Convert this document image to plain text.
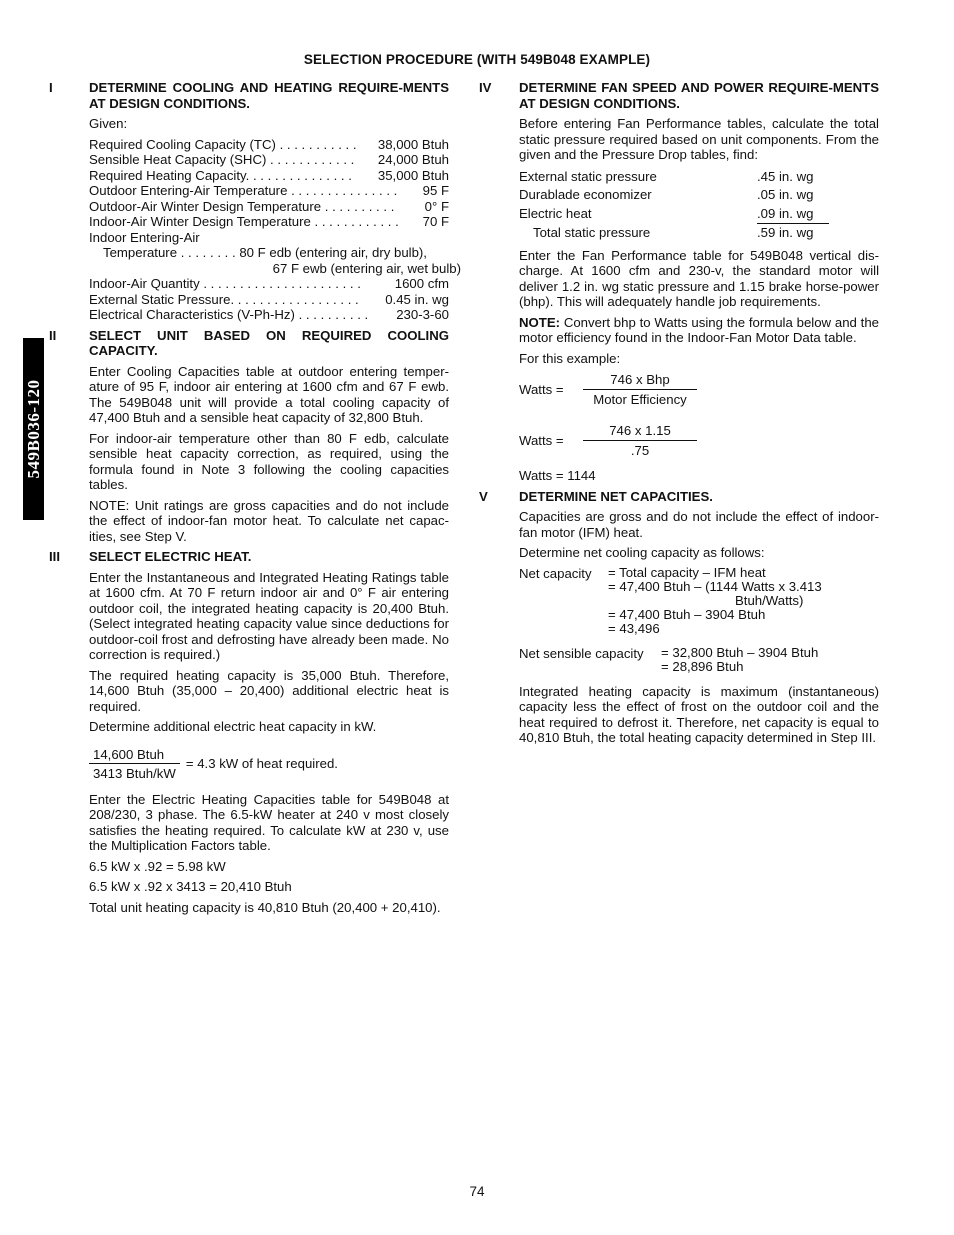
SELECTION PROCEDURE (WITH 549B048 EXAMPLE)
549B036-120
I	DETERMINE COOLING AND HEATING REQUIRE-MENTS AT DESIGN CONDITIONS.
Given:
Required Cooling Capacity (TC) . . . . . . . . . . . 38,000 Btuh
Sensible Heat Capacity (SHC) . . . . . . . . . . . . 24,000 Btuh
Required Heating Capacity. . . . . . . . . . . . . . . 35,000 Btuh
Outdoor Entering-Air Temperature . . . . . . . . . . . . . . . 95 F
Outdoor-Air Winter Design Temperature . . . . . . . . . . 0° F
Indoor-Air Winter Design Temperature . . . . . . . . . . . . 70 F
Indoor Entering-Air
Temperature . . . . . . . . 80 F edb (entering air, dry bulb),
67 F ewb (entering air, wet bulb)
Indoor-Air Quantity . . . . . . . . . . . . . . . . . . . . . .	1600 cfm
External Static Pressure. . . . . . . . . . . . . . . . . . 0.45 in. wg
Electrical Characteristics (V-Ph-Hz) . . . . . . . . . . 230-3-60
II	SELECT UNIT BASED ON REQUIRED COOLING CAPACITY.

Enter Cooling Capacities table at outdoor entering temper-ature of 95 F, indoor air entering at 1600 cfm and 67 F ewb. The 549B048 unit will provide a total cooling capacity of 47,400 Btuh and a sensible heat capacity of 32,800 Btuh.

For indoor-air temperature other than 80 F edb, calculate sensible heat capacity correction, as required, using the formula found in Note 3 following the cooling capacities tables.

NOTE: Unit ratings are gross capacities and do not include the effect of indoor-fan motor heat. To calculate net capac-ities, see Step V.

III	SELECT ELECTRIC HEAT.

Enter the Instantaneous and Integrated Heating Ratings table at 1600 cfm. At 70 F return indoor air and 0° F air entering outdoor coil, the integrated heating capacity is 20,400 Btuh. (Select integrated heating capacity value since deductions for outdoor-coil frost and defrosting have already been made. No correction is required.)

The required heating capacity is 35,000 Btuh. Therefore, 14,600 Btuh (35,000 – 20,400) additional electric heat is required.

Determine additional electric heat capacity in kW.

$\frac{\text{14,600 Btuh}}{\text{3413 Btuh/kW}} = 4.3$ kW of heat required.

Enter the Electric Heating Capacities table for 549B048 at 208/230, 3 phase. The 6.5-kW heater at 240 v most closely satisfies the heating required. To calculate kW at 230 v, use the Multiplication Factors table.

6.5 kW x .92 = 5.98 kW

6.5 kW x .92 x 3413 = 20,410 Btuh

Total unit heating capacity is 40,810 Btuh (20,400 + 20,410).

IV	DETERMINE FAN SPEED AND POWER REQUIRE-MENTS AT DESIGN CONDITIONS.

Before entering Fan Performance tables, calculate the total static pressure required based on unit components. From the given and the Pressure Drop tables, find:

External static pressure	.45 in. wg
Durablade economizer	.05 in. wg
Electric heat	.09 in. wg
Total static pressure	.59 in. wg

Enter the Fan Performance table for 549B048 vertical dis-charge. At 1600 cfm and 230-v, the standard motor will deliver 1.2 in. wg static pressure and 1.15 brake horse-power (bhp). This will adequately handle job requirements.

NOTE: Convert bhp to Watts using the formula below and the motor efficiency found in the Indoor-Fan Motor Data table.

For this example:

Watts =	$\frac{\text{746 x Bhp}}{\text{Motor Efficiency}}$
Watts =	$\frac{746 x 1.15}{.75}$

Watts = 1144

V	DETERMINE NET CAPACITIES.

Capacities are gross and do not include the effect of indoor-fan motor (IFM) heat.

Determine net cooling capacity as follows:

Net capacity	= Total capacity – IFM heat
= 47,400 Btuh – (1144 Watts x 3.413
Btuh/Watts)
= 47,400 Btuh – 3904 Btuh
= 43,496
Net sensible capacity	= 32,800 Btuh – 3904 Btuh
= 28,896 Btuh

Integrated heating capacity is maximum (instantaneous) capacity less the effect of frost on the outdoor coil and the heat required to defrost it. Therefore, net capacity is equal to 40,810 Btuh, the total heating capacity determined in Step III.

74
